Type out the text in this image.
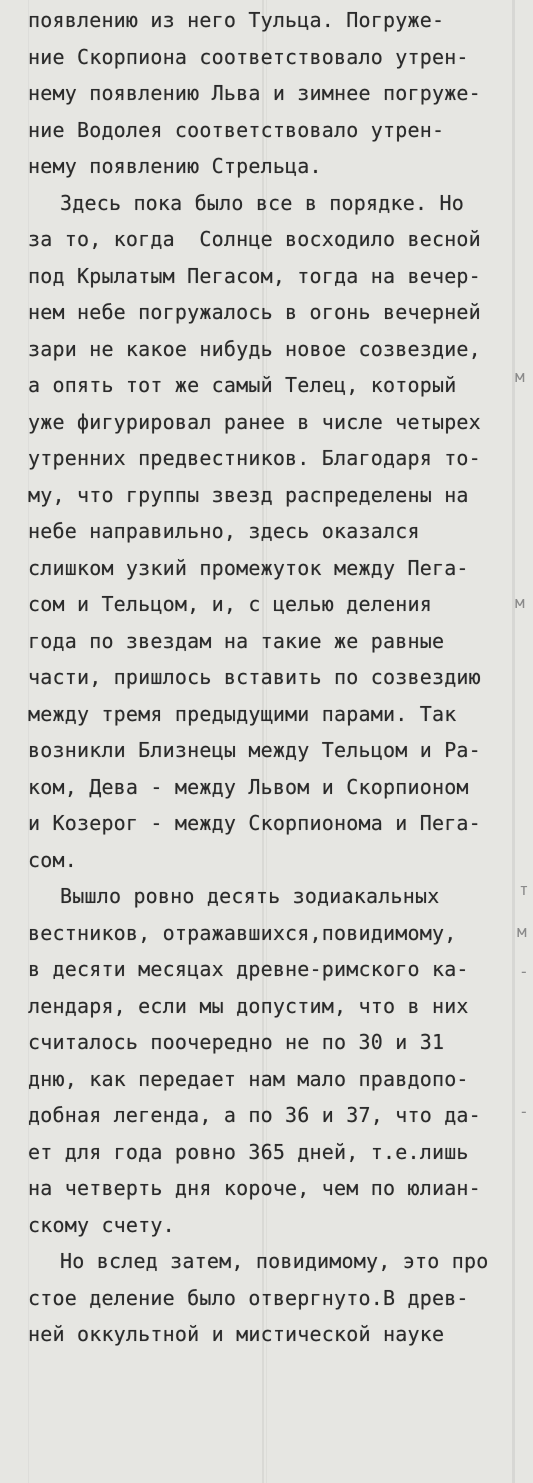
появлению из него Тульца. Погруже-
ние Скорпиона соответствовало утрен-
нему появлению Льва и зимнее погруже-
ние Водолея соответствовало утрен-
нему появлению Стрельца.
Здесь пока было все в порядке. Но
за то, когда  Солнце восходило весной
под Крылатым Пегасом, тогда на вечер-
нем небе погружалось в огонь вечерней
зари не какое нибудь новое созвездие,
а опять тот же самый Телец, который
уже фигурировал ранее в числе четырех
утренних предвестников. Благодаря то-
му, что группы звезд распределены на
небе направильно, здесь оказался
слишком узкий промежуток между Пега-
сом и Тельцом, и, с целью деления
года по звездам на такие же равные
части, пришлось вставить по созвездию
между тремя предыдущими парами. Так
возникли Близнецы между Тельцом и Ра-
ком, Дева - между Львом и Скорпионом
и Козерог - между Скорпионома и Пега-
сом.
Вышло ровно десять зодиакальных
вестников, отражавшихся,повидимому,
в десяти месяцах древне-римского ка-
лендаря, если мы допустим, что в них
считалось поочередно не по 30 и 31
дню, как передает нам мало правдопо-
добная легенда, а по 36 и 37, что да-
ет для года ровно 365 дней, т.е.лишь
на четверть дня короче, чем по юлиан-
скому счету.
Но вслед затем, повидимому, это про
стое деление было отвергнуто.В древ-
ней оккультной и мистической науке
м
м
т
м
-
-
